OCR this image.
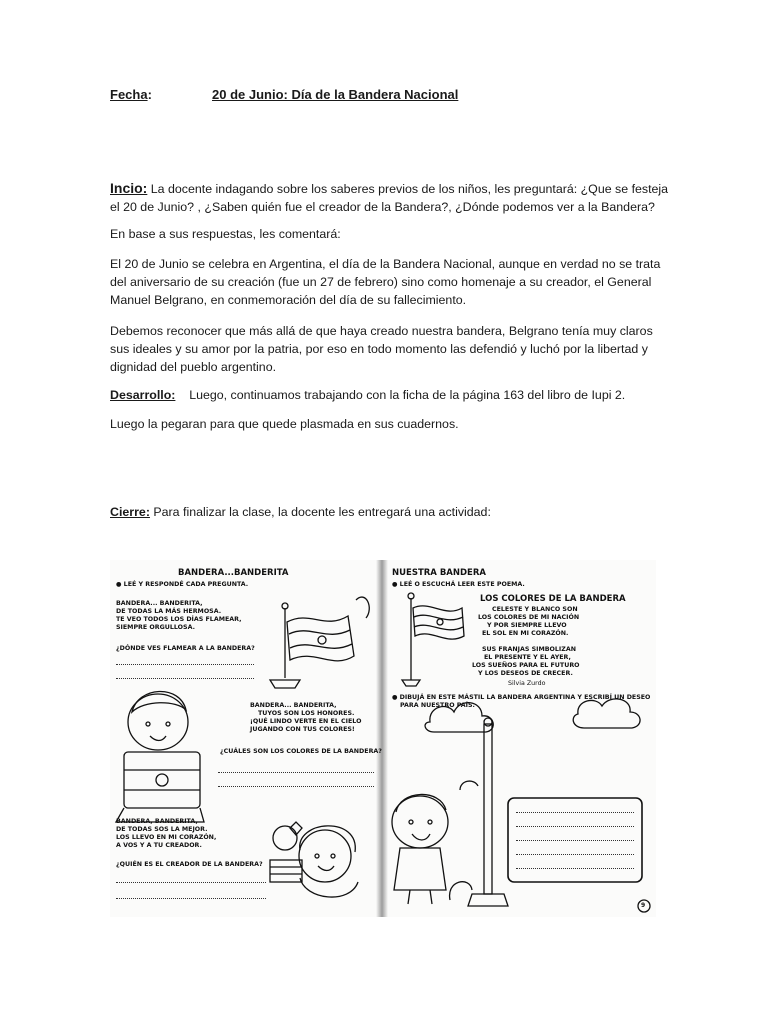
Fecha:	20 de Junio: Día de la Bandera Nacional

Incio: La docente indagando sobre los saberes previos de los niños, les preguntará: ¿Que se festeja el 20 de Junio? , ¿Saben quién fue el creador de la Bandera?, ¿Dónde podemos ver a la Bandera?

En base a sus respuestas, les comentará:

El 20 de Junio se celebra en Argentina, el día de la Bandera Nacional, aunque en verdad no se trata del aniversario de su creación (fue un 27 de febrero) sino como homenaje a su creador, el General Manuel Belgrano, en conmemoración del día de su fallecimiento.

Debemos reconocer que más allá de que haya creado nuestra bandera, Belgrano tenía muy claros sus ideales y su amor por la patria, por eso en todo momento las defendió y luchó por la libertad y dignidad del pueblo argentino.

Desarrollo:    Luego, continuamos trabajando con la ficha de la página 163 del libro de Iupi 2.

Luego la pegaran para que quede plasmada en sus cuadernos.

Cierre: Para finalizar la clase, la docente les entregará una actividad:

BANDERA...BANDERITA
● LEÉ Y RESPONDÉ CADA PREGUNTA.
BANDERA... BANDERITA,
DE TODAS LA MÁS HERMOSA.
TE VEO TODOS LOS DÍAS FLAMEAR,
SIEMPRE ORGULLOSA.
¿DÓNDE VES FLAMEAR A LA BANDERA?
BANDERA... BANDERITA,
TUYOS SON LOS HONORES.
¡QUÉ LINDO VERTE EN EL CIELO
JUGANDO CON TUS COLORES!
¿CUÁLES SON LOS COLORES DE LA BANDERA?
BANDERA, BANDERITA,
DE TODAS SOS LA MEJOR.
LOS LLEVO EN MI CORAZÓN,
A VOS Y A TU CREADOR.
¿QUIÉN ES EL CREADOR DE LA BANDERA?
NUESTRA BANDERA
● LEÉ O ESCUCHÁ LEER ESTE POEMA.
LOS COLORES DE LA BANDERA
CELESTE Y BLANCO SON
LOS COLORES DE MI NACIÓN
Y POR SIEMPRE LLEVO
EL SOL EN MI CORAZÓN.
SUS FRANJAS SIMBOLIZAN
EL PRESENTE Y EL AYER,
LOS SUEÑOS PARA EL FUTURO
Y LOS DESEOS DE CRECER.
Silvia Zurdo
● DIBUJÁ EN ESTE MÁSTIL LA BANDERA ARGENTINA Y ESCRIBÍ UN DESEO
PARA NUESTRO PAÍS.
9
